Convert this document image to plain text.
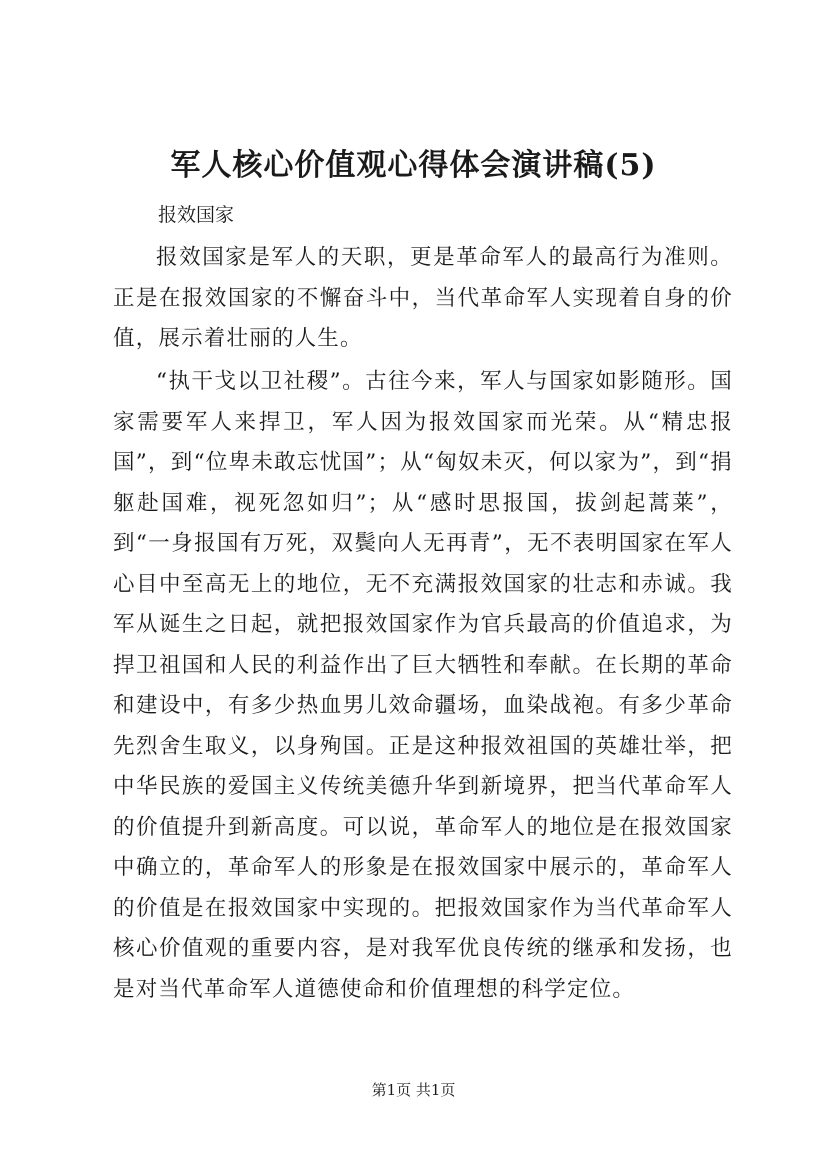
军人核心价值观心得体会演讲稿(5)

报效国家

报效国家是军人的天职，更是革命军人的最高行为准则。正是在报效国家的不懈奋斗中，当代革命军人实现着自身的价值，展示着壮丽的人生。

“执干戈以卫社稷”。古往今来，军人与国家如影随形。国家需要军人来捍卫，军人因为报效国家而光荣。从“精忠报国”，到“位卑未敢忘忧国”；从“匈奴未灭，何以家为”，到“捐躯赴国难，视死忽如归”；从“感时思报国，拔剑起蒿莱”，到“一身报国有万死，双鬓向人无再青”，无不表明国家在军人心目中至高无上的地位，无不充满报效国家的壮志和赤诚。我军从诞生之日起，就把报效国家作为官兵最高的价值追求，为捍卫祖国和人民的利益作出了巨大牺牲和奉献。在长期的革命和建设中，有多少热血男儿效命疆场，血染战袍。有多少革命先烈舍生取义，以身殉国。正是这种报效祖国的英雄壮举，把中华民族的爱国主义传统美德升华到新境界，把当代革命军人的价值提升到新高度。可以说，革命军人的地位是在报效国家中确立的，革命军人的形象是在报效国家中展示的，革命军人的价值是在报效国家中实现的。把报效国家作为当代革命军人核心价值观的重要内容，是对我军优良传统的继承和发扬，也是对当代革命军人道德使命和价值理想的科学定位。

第1页 共1页
